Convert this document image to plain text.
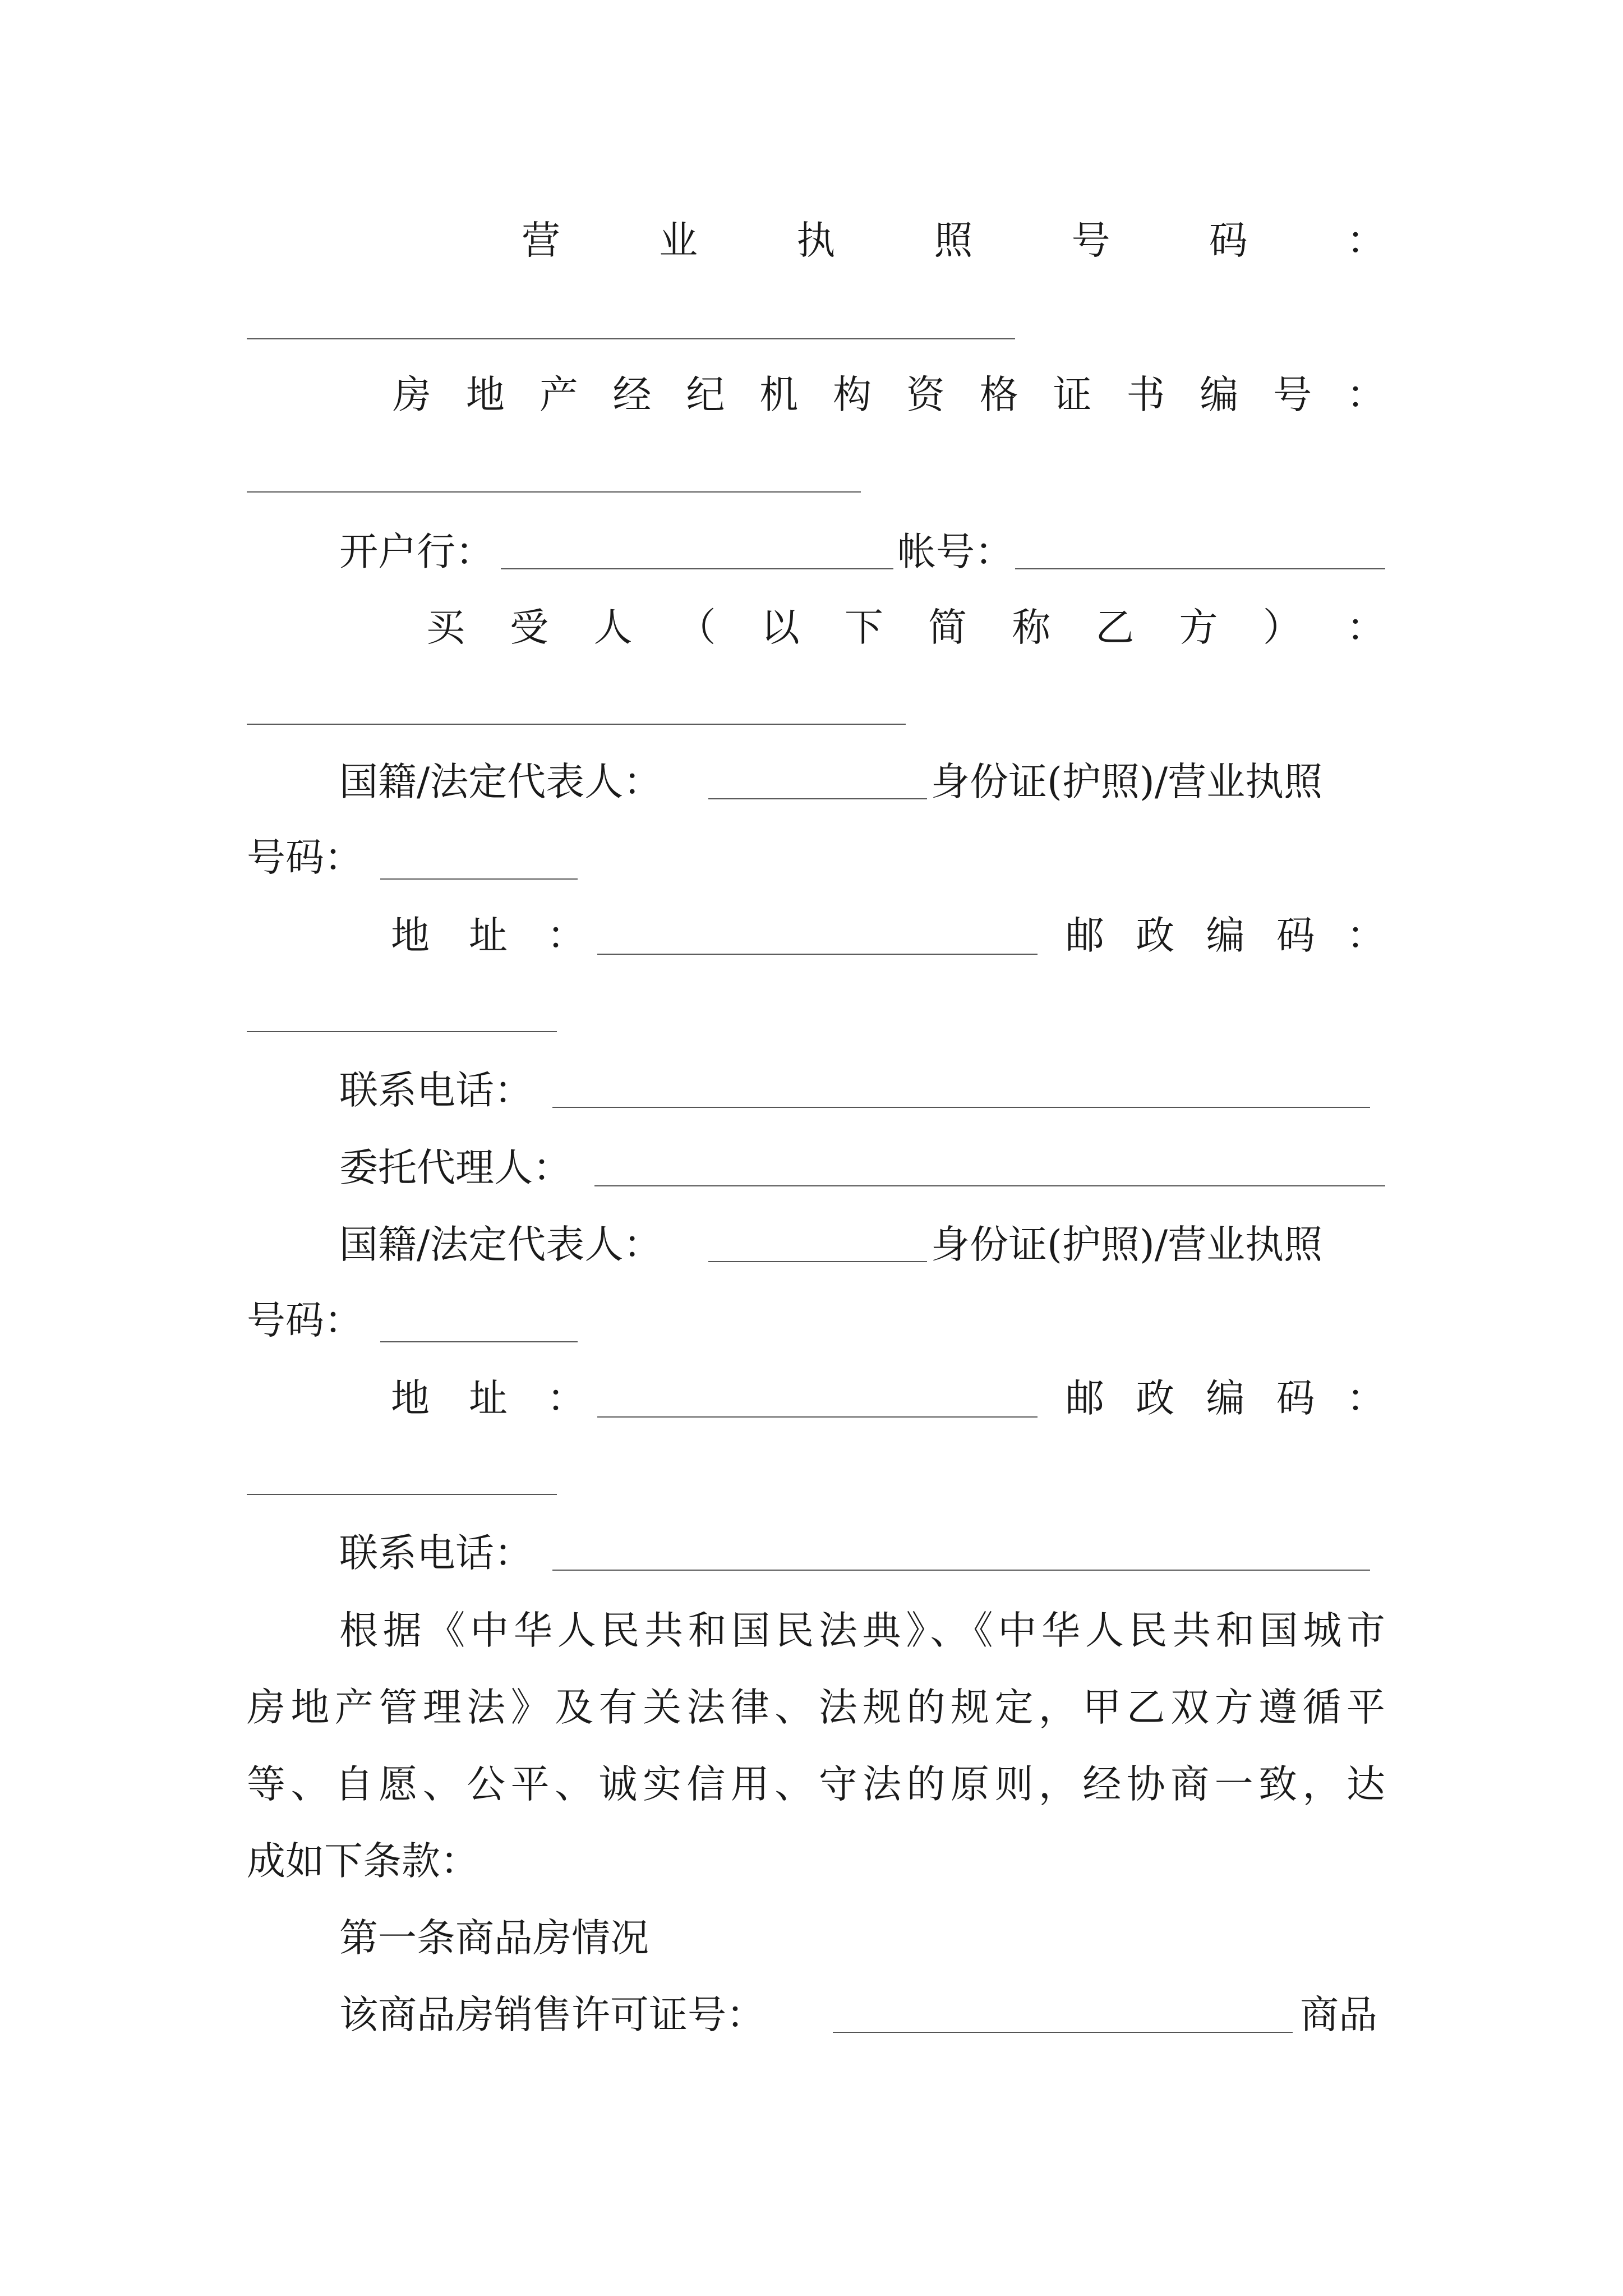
营	业	执	照	号	码	：
房 地 产 经 纪 机 构 资 格 证 书 编 号 ：
开户行：	帐号：
买 受 人 （ 以 下 简 称 乙 方 ） ：
国籍/法定代表人：	身份证(护照)/营业执照
号码：
地 址 ：	邮 政 编 码 ：
联系电话：
委托代理人：
国籍/法定代表人：	身份证(护照)/营业执照
号码：
地 址 ：	邮 政 编 码 ：
联系电话：
根据《中华人民共和国民法典》、《中华人民共和国城市
房地产管理法》及有关法律、法规的规定，甲乙双方遵循平
等、自愿、公平、诚实信用、守法的原则，经协商一致，达
成如下条款：
第一条商品房情况
该商品房销售许可证号：	商品
